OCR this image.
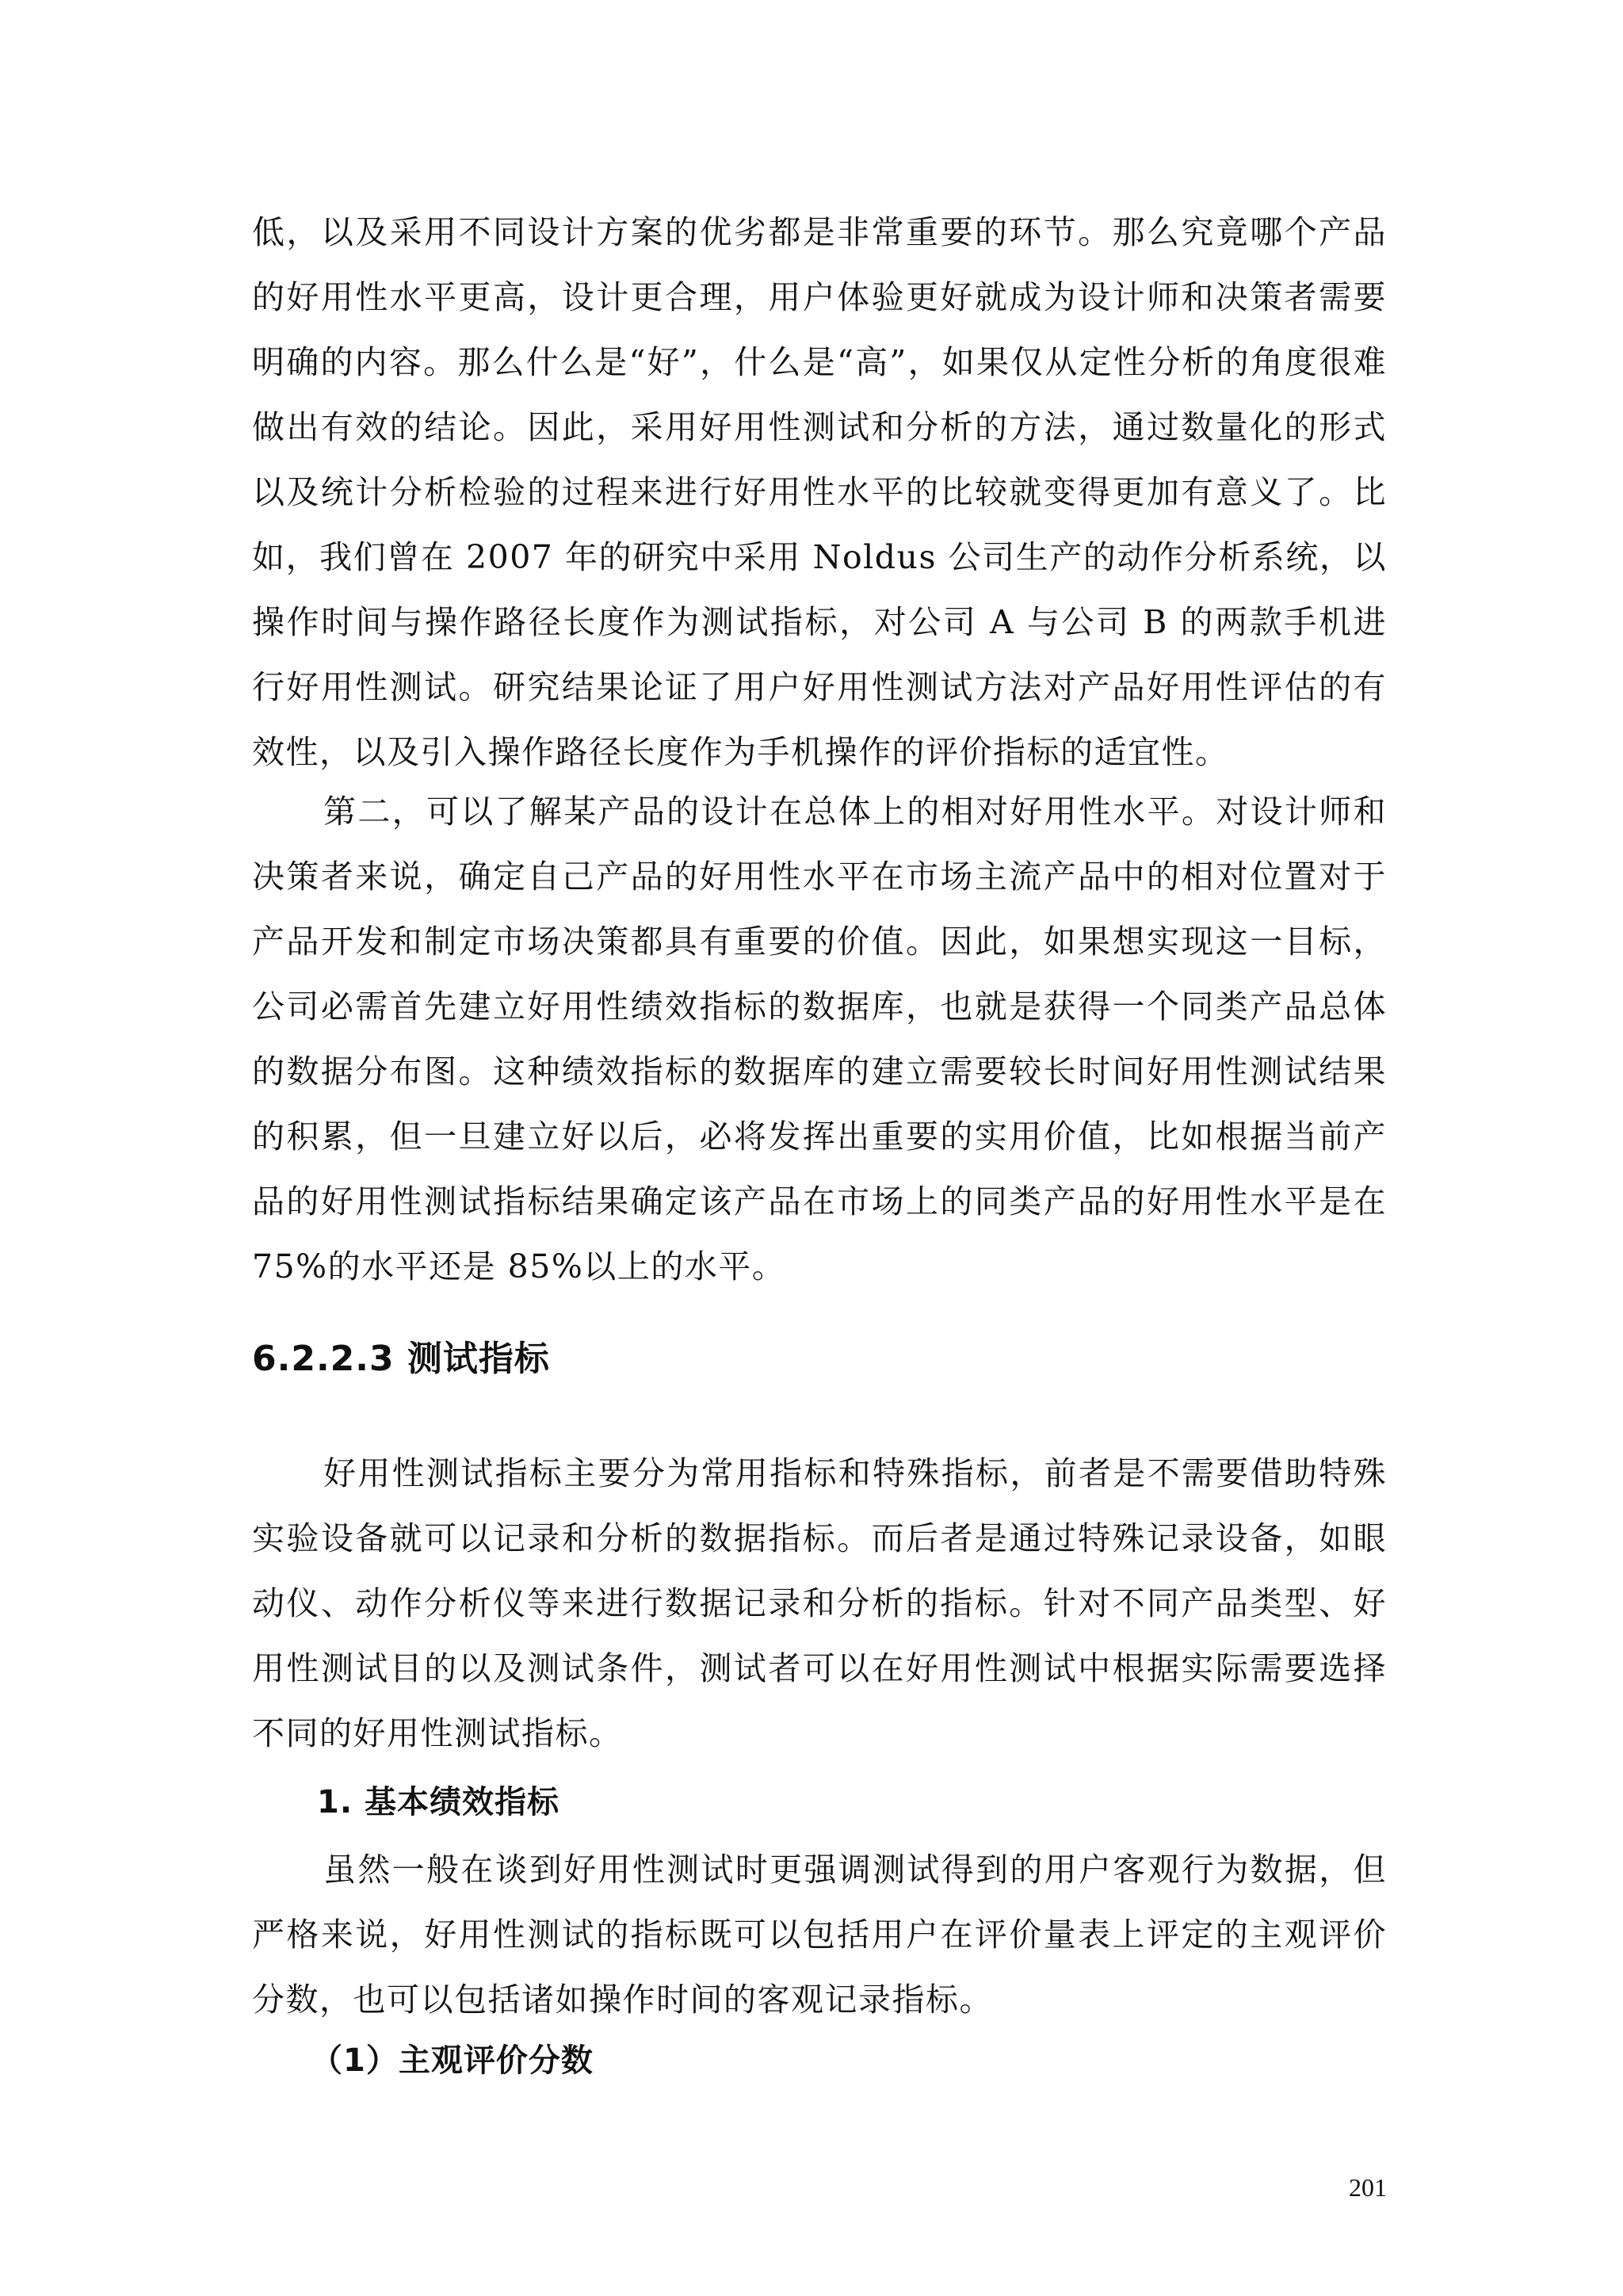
低，以及采用不同设计方案的优劣都是非常重要的环节。那么究竟哪个产品的好用性水平更高，设计更合理，用户体验更好就成为设计师和决策者需要明确的内容。那么什么是“好”，什么是“高”，如果仅从定性分析的角度很难做出有效的结论。因此，采用好用性测试和分析的方法，通过数量化的形式以及统计分析检验的过程来进行好用性水平的比较就变得更加有意义了。比如，我们曾在 2007 年的研究中采用 Noldus 公司生产的动作分析系统，以操作时间与操作路径长度作为测试指标，对公司 A 与公司 B 的两款手机进行好用性测试。研究结果论证了用户好用性测试方法对产品好用性评估的有效性，以及引入操作路径长度作为手机操作的评价指标的适宜性。

第二，可以了解某产品的设计在总体上的相对好用性水平。对设计师和决策者来说，确定自己产品的好用性水平在市场主流产品中的相对位置对于产品开发和制定市场决策都具有重要的价值。因此，如果想实现这一目标，公司必需首先建立好用性绩效指标的数据库，也就是获得一个同类产品总体的数据分布图。这种绩效指标的数据库的建立需要较长时间好用性测试结果的积累，但一旦建立好以后，必将发挥出重要的实用价值，比如根据当前产品的好用性测试指标结果确定该产品在市场上的同类产品的好用性水平是在 75%的水平还是 85%以上的水平。

6.2.2.3 测试指标

好用性测试指标主要分为常用指标和特殊指标，前者是不需要借助特殊实验设备就可以记录和分析的数据指标。而后者是通过特殊记录设备，如眼动仪、动作分析仪等来进行数据记录和分析的指标。针对不同产品类型、好用性测试目的以及测试条件，测试者可以在好用性测试中根据实际需要选择不同的好用性测试指标。

1. 基本绩效指标

虽然一般在谈到好用性测试时更强调测试得到的用户客观行为数据，但严格来说，好用性测试的指标既可以包括用户在评价量表上评定的主观评价分数，也可以包括诸如操作时间的客观记录指标。

（1）主观评价分数

201
